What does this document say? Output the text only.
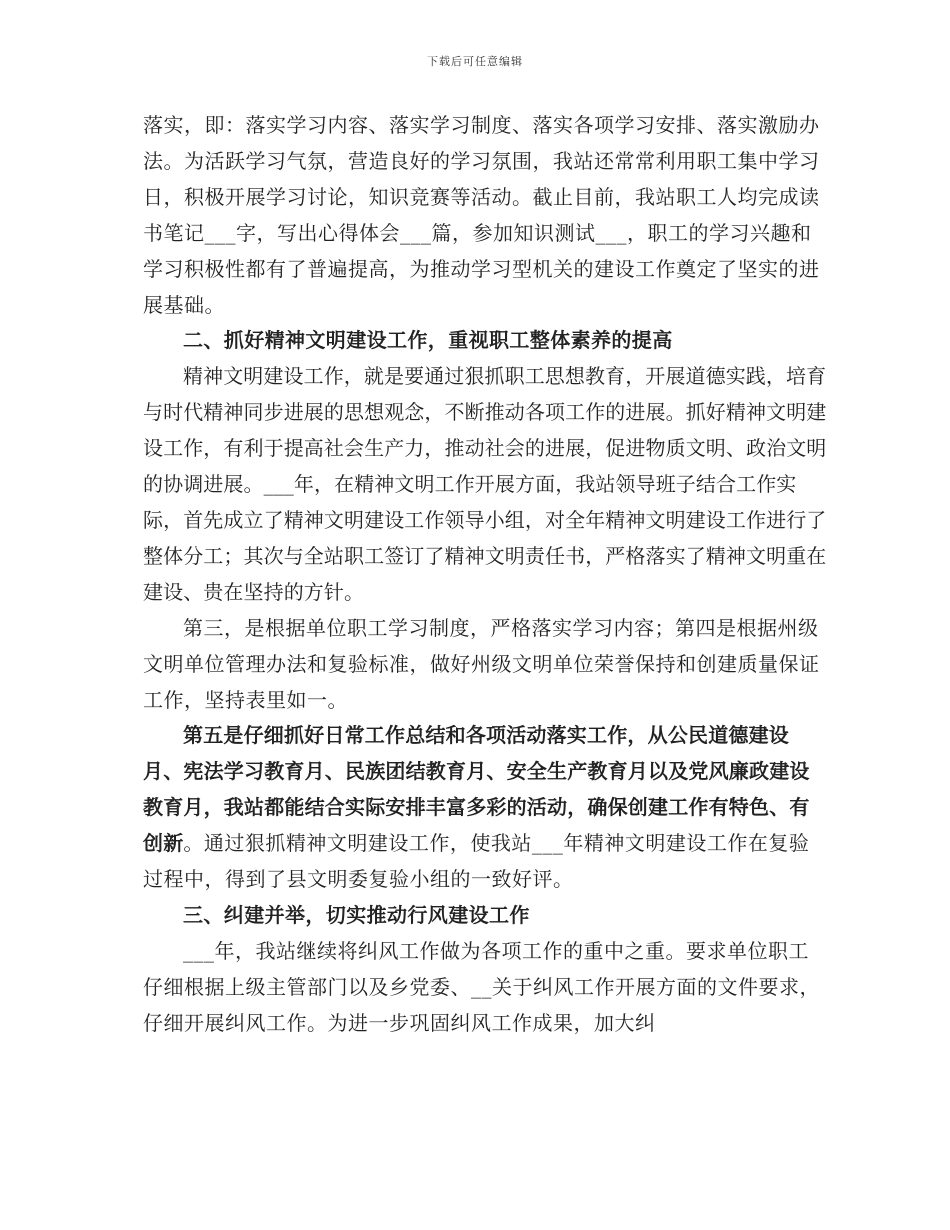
下载后可任意编辑

落实，即：落实学习内容、落实学习制度、落实各项学习安排、落实激励办法。为活跃学习气氛，营造良好的学习氛围，我站还常常利用职工集中学习日，积极开展学习讨论，知识竞赛等活动。截止目前，我站职工人均完成读书笔记___字，写出心得体会___篇，参加知识测试___，职工的学习兴趣和学习积极性都有了普遍提高，为推动学习型机关的建设工作奠定了坚实的进展基础。

二、抓好精神文明建设工作，重视职工整体素养的提高

精神文明建设工作，就是要通过狠抓职工思想教育，开展道德实践，培育与时代精神同步进展的思想观念，不断推动各项工作的进展。抓好精神文明建设工作，有利于提高社会生产力，推动社会的进展，促进物质文明、政治文明的协调进展。___年，在精神文明工作开展方面，我站领导班子结合工作实际，首先成立了精神文明建设工作领导小组，对全年精神文明建设工作进行了整体分工；其次与全站职工签订了精神文明责任书，严格落实了精神文明重在建设、贵在坚持的方针。

第三，是根据单位职工学习制度，严格落实学习内容；第四是根据州级文明单位管理办法和复验标准，做好州级文明单位荣誉保持和创建质量保证工作，坚持表里如一。

第五是仔细抓好日常工作总结和各项活动落实工作，从公民道德建设月、宪法学习教育月、民族团结教育月、安全生产教育月以及党风廉政建设教育月，我站都能结合实际安排丰富多彩的活动，确保创建工作有特色、有创新。通过狠抓精神文明建设工作，使我站___年精神文明建设工作在复验过程中，得到了县文明委复验小组的一致好评。

三、纠建并举，切实推动行风建设工作

___年，我站继续将纠风工作做为各项工作的重中之重。要求单位职工仔细根据上级主管部门以及乡党委、__关于纠风工作开展方面的文件要求，仔细开展纠风工作。为进一步巩固纠风工作成果，加大纠
